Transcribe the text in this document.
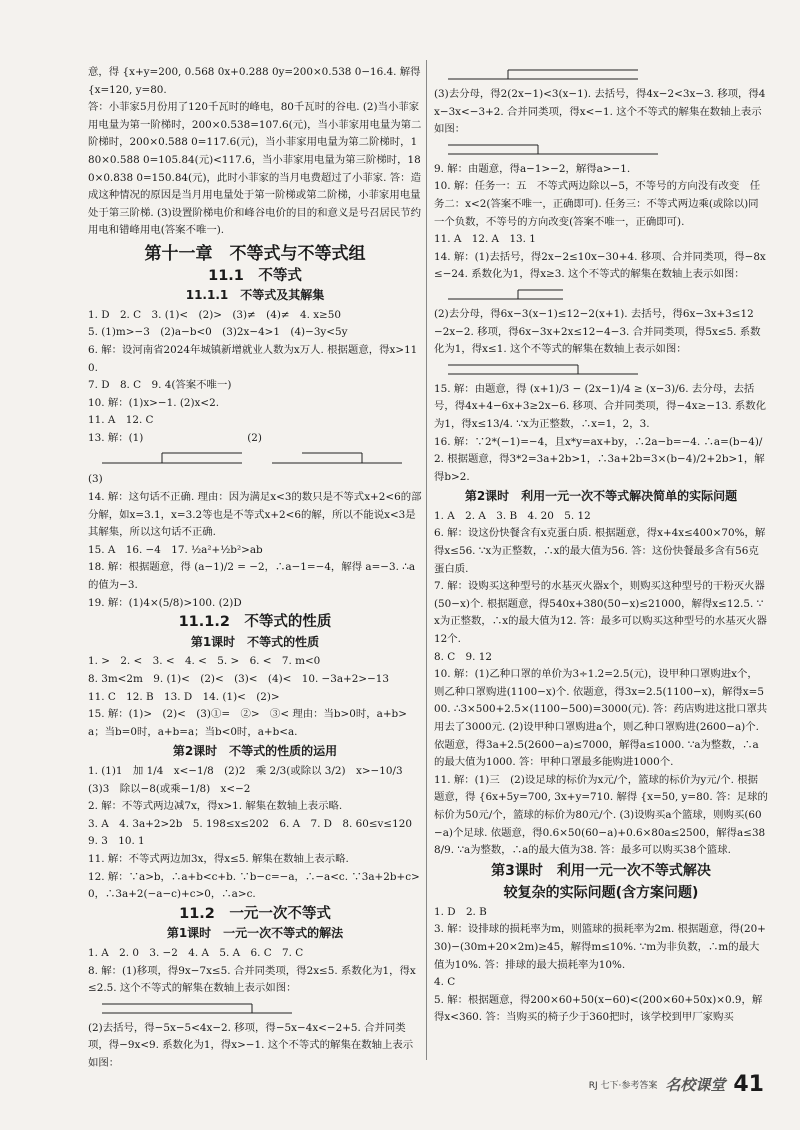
意，得 {x+y=200, 0.568 0x+0.288 0y=200×0.538 0−16.4. 解得 {x=120, y=80.

答：小菲家5月份用了120千瓦时的峰电，80千瓦时的谷电. (2)当小菲家用电量为第一阶梯时，200×0.538=107.6(元)，当小菲家用电量为第二阶梯时，200×0.588 0=117.6(元)，当小菲家用电量为第二阶梯时，180×0.588 0=105.84(元)<117.6，当小菲家用电量为第三阶梯时，180×0.838 0=150.84(元)，此时小菲家的当月电费超过了小菲家. 答：造成这种情况的原因是当月用电量处于第一阶梯或第二阶梯，小菲家用电量处于第三阶梯. (3)设置阶梯电价和峰谷电价的目的和意义是号召居民节约用电和错峰用电(答案不唯一).

第十一章　不等式与不等式组
11.1　不等式
11.1.1　不等式及其解集

1. D　2. C　3. (1)<　(2)>　(3)≠　(4)≠　4. x≥50

5. (1)m>−3　(2)a−b<0　(3)2x−4>1　(4)−3y<5y

6. 解：设河南省2024年城镇新增就业人数为x万人. 根据题意，得x>110.

7. D　8. C　9. 4(答案不唯一)

10. 解：(1)x>−1. (2)x<2.

11. A　12. C

13. 解：(1)　　　　　　　　　　(2)

(3)

14. 解：这句话不正确. 理由：因为满足x<3的数只是不等式x+2<6的部分解，如x=3.1，x=3.2等也是不等式x+2<6的解，所以不能说x<3是其解集，所以这句话不正确.

15. A　16. −4　17. ½a²+½b²>ab

18. 解：根据题意，得 (a−1)/2 = −2，∴a−1=−4，解得 a=−3. ∴a的值为−3.

19. 解：(1)4×(5/8)>100. (2)D

11.1.2　不等式的性质
第1课时　不等式的性质

1. >　2. <　3. <　4. <　5. >　6. <　7. m<0

8. 3m<2m　9. (1)<　(2)<　(3)<　(4)<　10. −3a+2>−13

11. C　12. B　13. D　14. (1)<　(2)>

15. 解：(1)>　(2)<　(3)①=　②>　③< 理由：当b>0时，a+b>a；当b=0时，a+b=a；当b<0时，a+b<a.

第2课时　不等式的性质的运用

1. (1)1　加 1/4　x<−1/8　(2)2　乘 2/3(或除以 3/2)　x>−10/3　(3)3　除以−8(或乘−1/8)　x<−2

2. 解：不等式两边减7x，得x>1. 解集在数轴上表示略.

3. A　4. 3a+2>2b　5. 198≤x≤202　6. A　7. D　8. 60≤v≤120

9. 3　10. 1

11. 解：不等式两边加3x，得x≤5. 解集在数轴上表示略.

12. 解：∵a>b，∴a+b<c+b. ∵b−c=−a，∴−a<c. ∵3a+2b+c>0，∴3a+2(−a−c)+c>0，∴a>c.

11.2　一元一次不等式
第1课时　一元一次不等式的解法

1. A　2. 0　3. −2　4. A　5. A　6. C　7. C

8. 解：(1)移项，得9x−7x≤5. 合并同类项，得2x≤5. 系数化为1，得x≤2.5. 这个不等式的解集在数轴上表示如图：

(2)去括号，得−5x−5<4x−2. 移项，得−5x−4x<−2+5. 合并同类项，得−9x<9. 系数化为1，得x>−1. 这个不等式的解集在数轴上表示如图：

(3)去分母，得2(2x−1)<3(x−1). 去括号，得4x−2<3x−3. 移项，得4x−3x<−3+2. 合并同类项，得x<−1. 这个不等式的解集在数轴上表示如图：

9. 解：由题意，得a−1>−2，解得a>−1.

10. 解：任务一：五　不等式两边除以−5，不等号的方向没有改变　任务二：x<2(答案不唯一，正确即可). 任务三：不等式两边乘(或除以)同一个负数，不等号的方向改变(答案不唯一，正确即可).

11. A　12. A　13. 1

14. 解：(1)去括号，得2x−2≤10x−30+4. 移项、合并同类项，得−8x≤−24. 系数化为1，得x≥3. 这个不等式的解集在数轴上表示如图：

(2)去分母，得6x−3(x−1)≤12−2(x+1). 去括号，得6x−3x+3≤12−2x−2. 移项，得6x−3x+2x≤12−4−3. 合并同类项，得5x≤5. 系数化为1，得x≤1. 这个不等式的解集在数轴上表示如图：

15. 解：由题意，得 (x+1)/3 − (2x−1)/4 ≥ (x−3)/6. 去分母，去括号，得4x+4−6x+3≥2x−6. 移项、合并同类项，得−4x≥−13. 系数化为1，得x≤13/4. ∵x为正整数，∴x=1，2，3.

16. 解：∵2*(−1)=−4，且x*y=ax+by，∴2a−b=−4. ∴a=(b−4)/2. 根据题意，得3*2=3a+2b>1，∴3a+2b=3×(b−4)/2+2b>1，解得b>2.

第2课时　利用一元一次不等式解决简单的实际问题

1. A　2. A　3. B　4. 20　5. 12

6. 解：设这份快餐含有x克蛋白质. 根据题意，得x+4x≤400×70%，解得x≤56. ∵x为正整数，∴x的最大值为56. 答：这份快餐最多含有56克蛋白质.

7. 解：设购买这种型号的水基灭火器x个，则购买这种型号的干粉灭火器(50−x)个. 根据题意，得540x+380(50−x)≤21000，解得x≤12.5. ∵x为正整数，∴x的最大值为12. 答：最多可以购买这种型号的水基灭火器12个.

8. C　9. 12

10. 解：(1)乙种口罩的单价为3÷1.2=2.5(元)，设甲种口罩购进x个，则乙种口罩购进(1100−x)个. 依题意，得3x=2.5(1100−x)，解得x=500. ∴3×500+2.5×(1100−500)=3000(元). 答：药店购进这批口罩共用去了3000元. (2)设甲种口罩购进a个，则乙种口罩购进(2600−a)个. 依题意，得3a+2.5(2600−a)≤7000，解得a≤1000. ∵a为整数，∴a的最大值为1000. 答：甲种口罩最多能购进1000个.

11. 解：(1)三　(2)设足球的标价为x元/个，篮球的标价为y元/个. 根据题意，得 {6x+5y=700, 3x+y=710. 解得 {x=50, y=80. 答：足球的标价为50元/个，篮球的标价为80元/个. (3)设购买a个篮球，则购买(60−a)个足球. 依题意，得0.6×50(60−a)+0.6×80a≤2500，解得a≤38 8/9. ∵a为整数，∴a的最大值为38. 答：最多可以购买38个篮球.

第3课时　利用一元一次不等式解决
较复杂的实际问题(含方案问题)

1. D　2. B

3. 解：设排球的损耗率为m，则篮球的损耗率为2m. 根据题意，得(20+30)−(30m+20×2m)≥45，解得m≤10%. ∵m为非负数，∴m的最大值为10%. 答：排球的最大损耗率为10%.

4. C

5. 解：根据题意，得200×60+50(x−60)<(200×60+50x)×0.9，解得x<360. 答：当购买的椅子少于360把时，该学校到甲厂家购买

RJ 七下·参考答案 名校课堂 41
